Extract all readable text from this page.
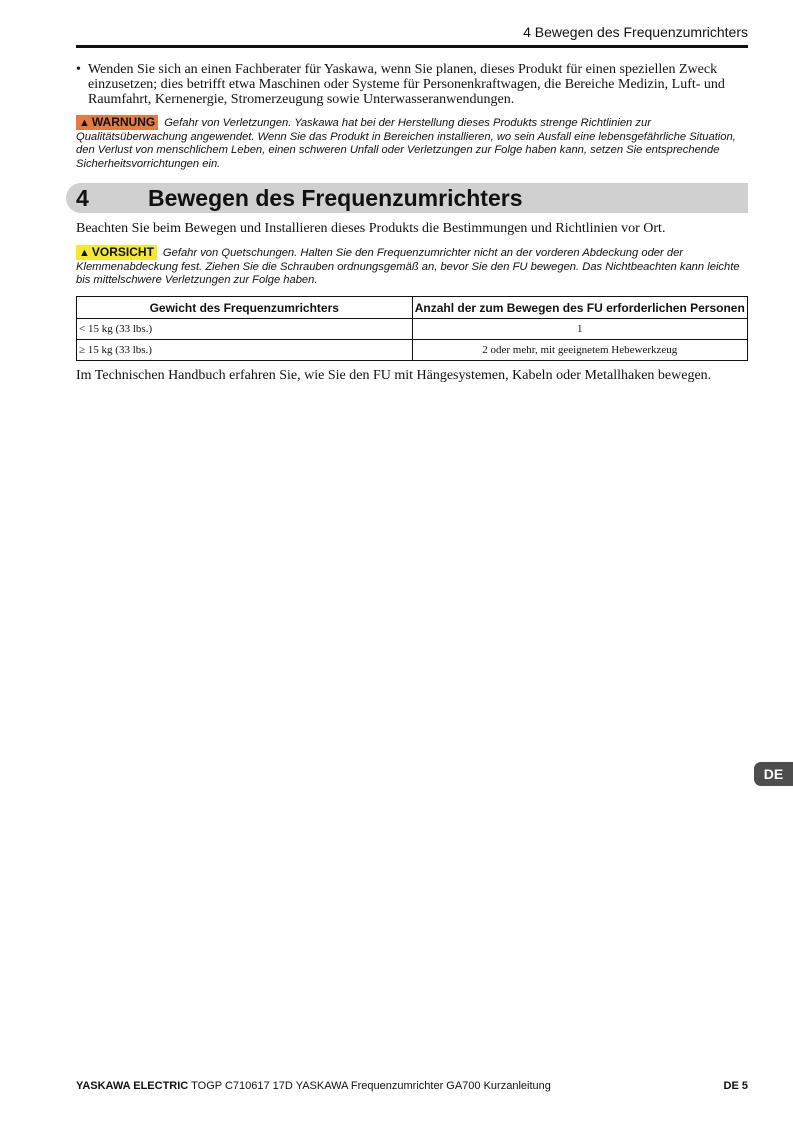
4 Bewegen des Frequenzumrichters
• Wenden Sie sich an einen Fachberater für Yaskawa, wenn Sie planen, dieses Produkt für einen speziellen Zweck einzusetzen; dies betrifft etwa Maschinen oder Systeme für Personenkraftwagen, die Bereiche Medizin, Luft- und Raumfahrt, Kernenergie, Stromerzeugung sowie Unterwasseranwendungen.
▲ WARNUNG Gefahr von Verletzungen. Yaskawa hat bei der Herstellung dieses Produkts strenge Richtlinien zur Qualitätsüberwachung angewendet. Wenn Sie das Produkt in Bereichen installieren, wo sein Ausfall eine lebensgefährliche Situation, den Verlust von menschlichem Leben, einen schweren Unfall oder Verletzungen zur Folge haben kann, setzen Sie entsprechende Sicherheitsvorrichtungen ein.
4	Bewegen des Frequenzumrichters
Beachten Sie beim Bewegen und Installieren dieses Produkts die Bestimmungen und Richtlinien vor Ort.
▲ VORSICHT Gefahr von Quetschungen. Halten Sie den Frequenzumrichter nicht an der vorderen Abdeckung oder der Klemmenabdeckung fest. Ziehen Sie die Schrauben ordnungsgemäß an, bevor Sie den FU bewegen. Das Nichtbeachten kann leichte bis mittelschwere Verletzungen zur Folge haben.
Gewicht des Frequenzumrichters	Anzahl der zum Bewegen des FU erforderlichen Personen
< 15 kg (33 lbs.)	1
≥ 15 kg (33 lbs.)	2 oder mehr, mit geeignetem Hebewerkzeug
Im Technischen Handbuch erfahren Sie, wie Sie den FU mit Hängesystemen, Kabeln oder Metallhaken bewegen.
DE
YASKAWA ELECTRIC TOGP C710617 17D YASKAWA Frequenzumrichter GA700 Kurzanleitung	DE 5
